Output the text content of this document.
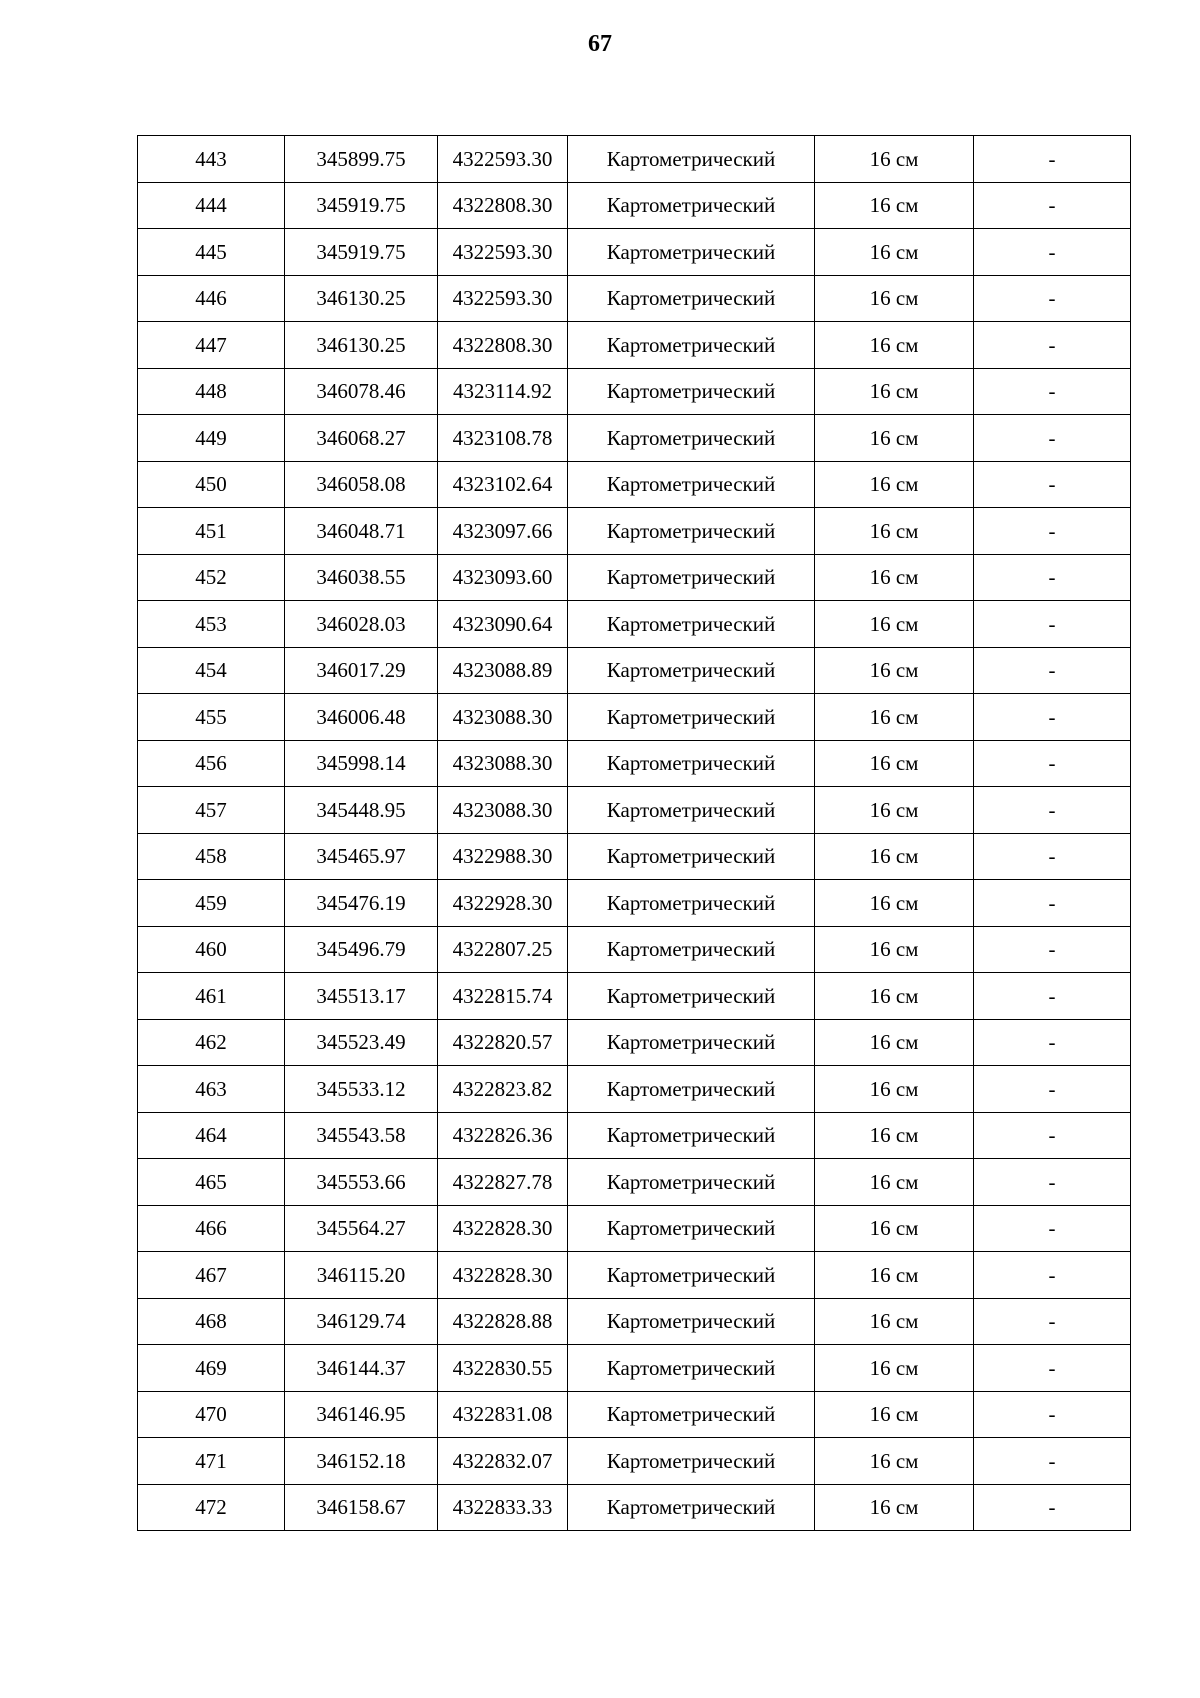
67
443	345899.75	4322593.30	Картометрический	16 см	-
444	345919.75	4322808.30	Картометрический	16 см	-
445	345919.75	4322593.30	Картометрический	16 см	-
446	346130.25	4322593.30	Картометрический	16 см	-
447	346130.25	4322808.30	Картометрический	16 см	-
448	346078.46	4323114.92	Картометрический	16 см	-
449	346068.27	4323108.78	Картометрический	16 см	-
450	346058.08	4323102.64	Картометрический	16 см	-
451	346048.71	4323097.66	Картометрический	16 см	-
452	346038.55	4323093.60	Картометрический	16 см	-
453	346028.03	4323090.64	Картометрический	16 см	-
454	346017.29	4323088.89	Картометрический	16 см	-
455	346006.48	4323088.30	Картометрический	16 см	-
456	345998.14	4323088.30	Картометрический	16 см	-
457	345448.95	4323088.30	Картометрический	16 см	-
458	345465.97	4322988.30	Картометрический	16 см	-
459	345476.19	4322928.30	Картометрический	16 см	-
460	345496.79	4322807.25	Картометрический	16 см	-
461	345513.17	4322815.74	Картометрический	16 см	-
462	345523.49	4322820.57	Картометрический	16 см	-
463	345533.12	4322823.82	Картометрический	16 см	-
464	345543.58	4322826.36	Картометрический	16 см	-
465	345553.66	4322827.78	Картометрический	16 см	-
466	345564.27	4322828.30	Картометрический	16 см	-
467	346115.20	4322828.30	Картометрический	16 см	-
468	346129.74	4322828.88	Картометрический	16 см	-
469	346144.37	4322830.55	Картометрический	16 см	-
470	346146.95	4322831.08	Картометрический	16 см	-
471	346152.18	4322832.07	Картометрический	16 см	-
472	346158.67	4322833.33	Картометрический	16 см	-
